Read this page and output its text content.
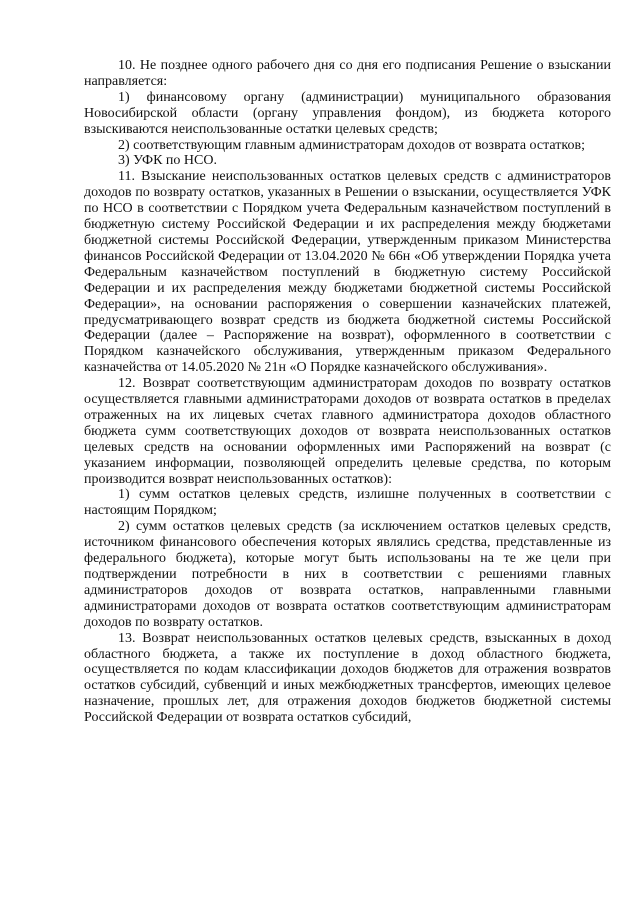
10. Не позднее одного рабочего дня со дня его подписания Решение о взыскании направляется:

1) финансовому органу (администрации) муниципального образования Новосибирской области (органу управления фондом), из бюджета которого взыскиваются неиспользованные остатки целевых средств;

2) соответствующим главным администраторам доходов от возврата остатков;

3) УФК по НСО.

11. Взыскание неиспользованных остатков целевых средств с администраторов доходов по возврату остатков, указанных в Решении о взыскании, осуществляется УФК по НСО в соответствии с Порядком учета Федеральным казначейством поступлений в бюджетную систему Российской Федерации и их распределения между бюджетами бюджетной системы Российской Федерации, утвержденным приказом Министерства финансов Российской Федерации от 13.04.2020 № 66н «Об утверждении Порядка учета Федеральным казначейством поступлений в бюджетную систему Российской Федерации и их распределения между бюджетами бюджетной системы Российской Федерации», на основании распоряжения о совершении казначейских платежей, предусматривающего возврат средств из бюджета бюджетной системы Российской Федерации (далее – Распоряжение на возврат), оформленного в соответствии с Порядком казначейского обслуживания, утвержденным приказом Федерального казначейства от 14.05.2020 № 21н «О Порядке казначейского обслуживания».

12. Возврат соответствующим администраторам доходов по возврату остатков осуществляется главными администраторами доходов от возврата остатков в пределах отраженных на их лицевых счетах главного администратора доходов областного бюджета сумм соответствующих доходов от возврата неиспользованных остатков целевых средств на основании оформленных ими Распоряжений на возврат (с указанием информации, позволяющей определить целевые средства, по которым производится возврат неиспользованных остатков):

1) сумм остатков целевых средств, излишне полученных в соответствии с настоящим Порядком;

2) сумм остатков целевых средств (за исключением остатков целевых средств, источником финансового обеспечения которых являлись средства, представленные из федерального бюджета), которые могут быть использованы на те же цели при подтверждении потребности в них в соответствии с решениями главных администраторов доходов от возврата остатков, направленными главными администраторами доходов от возврата остатков соответствующим администраторам доходов по возврату остатков.

13. Возврат неиспользованных остатков целевых средств, взысканных в доход областного бюджета, а также их поступление в доход областного бюджета, осуществляется по кодам классификации доходов бюджетов для отражения возвратов остатков субсидий, субвенций и иных межбюджетных трансфертов, имеющих целевое назначение, прошлых лет, для отражения доходов бюджетов бюджетной системы Российской Федерации от возврата остатков субсидий,
